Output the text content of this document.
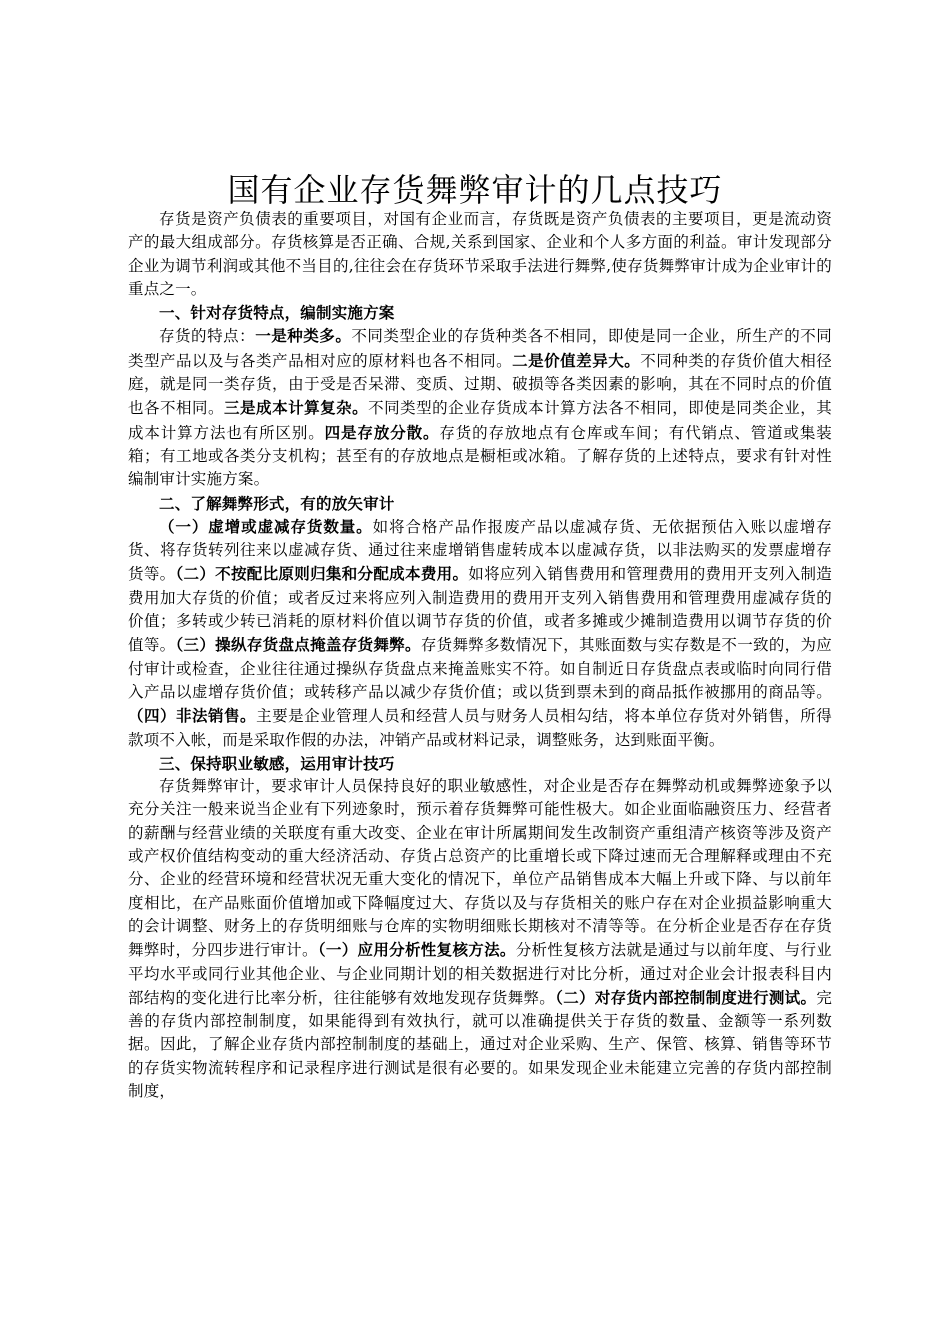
国有企业存货舞弊审计的几点技巧

存货是资产负债表的重要项目，对国有企业而言，存货既是资产负债表的主要项目，更是流动资产的最大组成部分。存货核算是否正确、合规,关系到国家、企业和个人多方面的利益。审计发现部分企业为调节利润或其他不当目的,往往会在存货环节采取手法进行舞弊,使存货舞弊审计成为企业审计的重点之一。

一、针对存货特点，编制实施方案

存货的特点：一是种类多。不同类型企业的存货种类各不相同，即使是同一企业，所生产的不同类型产品以及与各类产品相对应的原材料也各不相同。二是价值差异大。不同种类的存货价值大相径庭，就是同一类存货，由于受是否呆滞、变质、过期、破损等各类因素的影响，其在不同时点的价值也各不相同。三是成本计算复杂。不同类型的企业存货成本计算方法各不相同，即使是同类企业，其成本计算方法也有所区别。四是存放分散。存货的存放地点有仓库或车间；有代销点、管道或集装箱；有工地或各类分支机构；甚至有的存放地点是橱柜或冰箱。了解存货的上述特点，要求有针对性编制审计实施方案。

二、了解舞弊形式，有的放矢审计

（一）虚增或虚减存货数量。如将合格产品作报废产品以虚减存货、无依据预估入账以虚增存货、将存货转列往来以虚减存货、通过往来虚增销售虚转成本以虚减存货，以非法购买的发票虚增存货等。（二）不按配比原则归集和分配成本费用。如将应列入销售费用和管理费用的费用开支列入制造费用加大存货的价值；或者反过来将应列入制造费用的费用开支列入销售费用和管理费用虚减存货的价值；多转或少转已消耗的原材料价值以调节存货的价值，或者多摊或少摊制造费用以调节存货的价值等。（三）操纵存货盘点掩盖存货舞弊。存货舞弊多数情况下，其账面数与实存数是不一致的，为应付审计或检查，企业往往通过操纵存货盘点来掩盖账实不符。如自制近日存货盘点表或临时向同行借入产品以虚增存货价值；或转移产品以减少存货价值；或以货到票未到的商品抵作被挪用的商品等。（四）非法销售。主要是企业管理人员和经营人员与财务人员相勾结，将本单位存货对外销售，所得款项不入帐，而是采取作假的办法，冲销产品或材料记录，调整账务，达到账面平衡。

三、保持职业敏感，运用审计技巧

存货舞弊审计，要求审计人员保持良好的职业敏感性，对企业是否存在舞弊动机或舞弊迹象予以充分关注一般来说当企业有下列迹象时，预示着存货舞弊可能性极大。如企业面临融资压力、经营者的薪酬与经营业绩的关联度有重大改变、企业在审计所属期间发生改制资产重组清产核资等涉及资产或产权价值结构变动的重大经济活动、存货占总资产的比重增长或下降过速而无合理解释或理由不充分、企业的经营环境和经营状况无重大变化的情况下，单位产品销售成本大幅上升或下降、与以前年度相比，在产品账面价值增加或下降幅度过大、存货以及与存货相关的账户存在对企业损益影响重大的会计调整、财务上的存货明细账与仓库的实物明细账长期核对不清等等。在分析企业是否存在存货舞弊时，分四步进行审计。（一）应用分析性复核方法。分析性复核方法就是通过与以前年度、与行业平均水平或同行业其他企业、与企业同期计划的相关数据进行对比分析，通过对企业会计报表科目内部结构的变化进行比率分析，往往能够有效地发现存货舞弊。（二）对存货内部控制制度进行测试。完善的存货内部控制制度，如果能得到有效执行，就可以准确提供关于存货的数量、金额等一系列数据。因此，了解企业存货内部控制制度的基础上，通过对企业采购、生产、保管、核算、销售等环节的存货实物流转程序和记录程序进行测试是很有必要的。如果发现企业未能建立完善的存货内部控制制度，
